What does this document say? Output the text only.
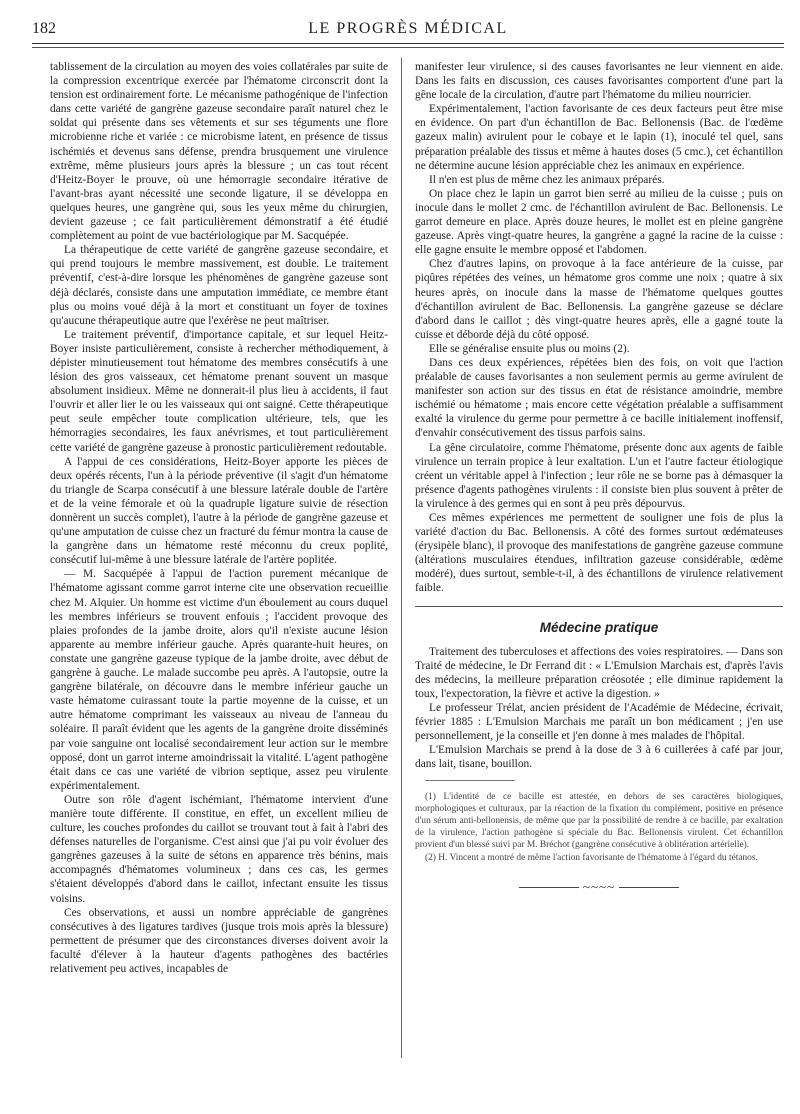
182	LE PROGRÈS MÉDICAL

tablissement de la circulation au moyen des voies collatérales par suite de la compression excentrique exercée par l'hématome circonscrit dont la tension est ordinairement forte. Le mécanisme pathogénique de l'infection dans cette variété de gangrène gazeuse secondaire paraît naturel chez le soldat qui présente dans ses vêtements et sur ses téguments une flore microbienne riche et variée : ce microbisme latent, en présence de tissus ischémiés et devenus sans défense, prendra brusquement une virulence extrême, même plusieurs jours après la blessure ; un cas tout récent d'Heitz-Boyer le prouve, où une hémorragie secondaire itérative de l'avant-bras ayant nécessité une seconde ligature, il se développa en quelques heures, une gangrène qui, sous les yeux même du chirurgien, devient gazeuse ; ce fait particulièrement démonstratif a été étudié complètement au point de vue bactériologique par M. Sacquépée.

La thérapeutique de cette variété de gangrène gazeuse secondaire, et qui prend toujours le membre massivement, est double. Le traitement préventif, c'est-à-dire lorsque les phénomènes de gangrène gazeuse sont déjà déclarés, consiste dans une amputation immédiate, ce membre étant plus ou moins voué déjà à la mort et constituant un foyer de toxines qu'aucune thérapeutique autre que l'exérèse ne peut maîtriser.

Le traitement préventif, d'importance capitale, et sur lequel Heitz-Boyer insiste particulièrement, consiste à rechercher méthodiquement, à dépister minutieusement tout hématome des membres consécutifs à une lésion des gros vaisseaux, cet hématome prenant souvent un masque absolument insidieux. Même ne donnerait-il plus lieu à accidents, il faut l'ouvrir et aller lier le ou les vaisseaux qui ont saigné. Cette thérapeutique peut seule empêcher toute complication ultérieure, tels, que les hémorragies secondaires, les faux anévrismes, et tout particulièrement cette variété de gangrène gazeuse à pronostic particulièrement redoutable.

A l'appui de ces considérations, Heitz-Boyer apporte les pièces de deux opérés récents, l'un à la période préventive (il s'agit d'un hématome du triangle de Scarpa consécutif à une blessure latérale double de l'artère et de la veine fémorale et où la quadruple ligature suivie de résection donnèrent un succès complet), l'autre à la période de gangrène gazeuse et qu'une amputation de cuisse chez un fracturé du fémur montra la cause de la gangrène dans un hématome resté méconnu du creux poplité, consécutif lui-même à une blessure latérale de l'artère poplitée.

— M. Sacquépée à l'appui de l'action purement mécanique de l'hématome agissant comme garrot interne cite une observation recueillie chez M. Alquier. Un homme est victime d'un éboulement au cours duquel les membres inférieurs se trouvent enfouis ; l'accident provoque des plaies profondes de la jambe droite, alors qu'il n'existe aucune lésion apparente au membre inférieur gauche. Après quarante-huit heures, on constate une gangrène gazeuse typique de la jambe droite, avec début de gangrène à gauche. Le malade succombe peu après. A l'autopsie, outre la gangrène bilatérale, on découvre dans le membre inférieur gauche un vaste hématome cuirassant toute la partie moyenne de la cuisse, et un autre hématome comprimant les vaisseaux au niveau de l'anneau du soléaire. Il paraît évident que les agents de la gangrène droite disséminés par voie sanguine ont localisé secondairement leur action sur le membre opposé, dont un garrot interne amoindrissait la vitalité. L'agent pathogène était dans ce cas une variété de vibrion septique, assez peu virulente expérimentalement.

Outre son rôle d'agent ischémiant, l'hématome intervient d'une manière toute différente. Il constitue, en effet, un excellent milieu de culture, les couches profondes du caillot se trouvant tout à fait à l'abri des défenses naturelles de l'organisme. C'est ainsi que j'ai pu voir évoluer des gangrènes gazeuses à la suite de sétons en apparence très bénins, mais accompagnés d'hématomes volumineux ; dans ces cas, les germes s'étaient développés d'abord dans le caillot, infectant ensuite les tissus voisins.

Ces observations, et aussi un nombre appréciable de gangrènes consécutives à des ligatures tardives (jusque trois mois après la blessure) permettent de présumer que des circonstances diverses doivent avoir la faculté d'élever à la hauteur d'agents pathogènes des bactéries relativement peu actives, incapables de

manifester leur virulence, si des causes favorisantes ne leur viennent en aide. Dans les faits en discussion, ces causes favorisantes comportent d'une part la gêne locale de la circulation, d'autre part l'hématome du milieu nourricier.

Expérimentalement, l'action favorisante de ces deux facteurs peut être mise en évidence. On part d'un échantillon de Bac. Bellonensis (Bac. de l'œdème gazeux malin) avirulent pour le cobaye et le lapin (1), inoculé tel quel, sans préparation préalable des tissus et même à hautes doses (5 cmc.), cet échantillon ne détermine aucune lésion appréciable chez les animaux en expérience.

Il n'en est plus de même chez les animaux préparés.

On place chez le lapin un garrot bien serré au milieu de la cuisse ; puis on inocule dans le mollet 2 cmc. de l'échantillon avirulent de Bac. Bellonensis. Le garrot demeure en place. Après douze heures, le mollet est en pleine gangrène gazeuse. Après vingt-quatre heures, la gangrène a gagné la racine de la cuisse : elle gagne ensuite le membre opposé et l'abdomen.

Chez d'autres lapins, on provoque à la face antérieure de la cuisse, par piqûres répétées des veines, un hématome gros comme une noix ; quatre à six heures après, on inocule dans la masse de l'hématome quelques gouttes d'échantillon avirulent de Bac. Bellonensis. La gangrène gazeuse se déclare d'abord dans le caillot ; dès vingt-quatre heures après, elle a gagné toute la cuisse et déborde déjà du côté opposé.

Elle se généralise ensuite plus ou moins (2).

Dans ces deux expériences, répétées bien des fois, on voit que l'action préalable de causes favorisantes a non seulement permis au germe avirulent de manifester son action sur des tissus en état de résistance amoindrie, membre ischémié ou hématome ; mais encore cette végétation préalable a suffisamment exalté la virulence du germe pour permettre à ce bacille initialement inoffensif, d'envahir consécutivement des tissus parfois sains.

La gêne circulatoire, comme l'hématome, présente donc aux agents de faible virulence un terrain propice à leur exaltation. L'un et l'autre facteur étiologique créent un véritable appel à l'infection ; leur rôle ne se borne pas à démasquer la présence d'agents pathogènes virulents : il consiste bien plus souvent à prêter de la virulence à des germes qui en sont à peu près dépourvus.

Ces mêmes expériences me permettent de souligner une fois de plus la variété d'action du Bac. Bellonensis. A côté des formes surtout œdémateuses (érysipèle blanc), il provoque des manifestations de gangrène gazeuse commune (altérations musculaires étendues, infiltration gazeuse considérable, œdème modéré), dues surtout, semble-t-il, à des échantillons de virulence relativement faible.

Médecine pratique

Traitement des tuberculoses et affections des voies respiratoires. — Dans son Traité de médecine, le Dr Ferrand dit : « L'Emulsion Marchais est, d'après l'avis des médecins, la meilleure préparation créosotée ; elle diminue rapidement la toux, l'expectoration, la fièvre et active la digestion. »

Le professeur Trélat, ancien président de l'Académie de Médecine, écrivait, février 1885 : L'Emulsion Marchais me paraît un bon médicament ; j'en use personnellement, je la conseille et j'en donne à mes malades de l'hôpital.

L'Emulsion Marchais se prend à la dose de 3 à 6 cuillerées à café par jour, dans lait, tisane, bouillon.

(1) L'identité de ce bacille est attestée, en dehors de ses caractères biologiques, morphologiques et culturaux, par la réaction de la fixation du complément, positive en présence d'un sérum anti-bellonensis, de même que par la possibilité de rendre à ce bacille, par exaltation de la virulence, l'action pathogène si spéciale du Bac. Bellonensis virulent. Cet échantillon provient d'un blessé suivi par M. Bréchot (gangrène consécutive à oblitération artérielle).

(2) H. Vincent a montré de même l'action favorisante de l'hématome à l'égard du tétanos.

~~~~
